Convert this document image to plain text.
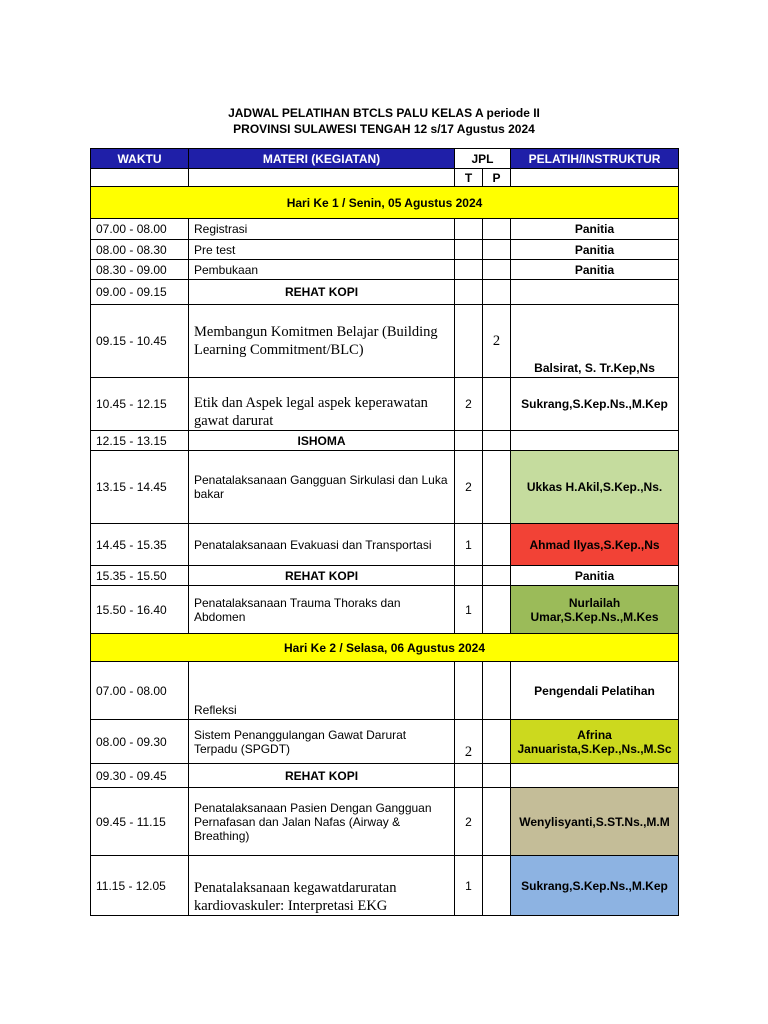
JADWAL PELATIHAN BTCLS PALU KELAS A periode II
PROVINSI SULAWESI TENGAH 12 s/17 Agustus 2024
WAKTU	MATERI (KEGIATAN)	JPL		PELATIH/INSTRUKTUR
		T	P	
Hari Ke 1 / Senin, 05 Agustus 2024				
07.00 - 08.00	Registrasi			Panitia
08.00 - 08.30	Pre test			Panitia
08.30 - 09.00	Pembukaan			Panitia
09.00 - 09.15	REHAT KOPI			
09.15 - 10.45	Membangun Komitmen Belajar (Building Learning Commitment/BLC)		2	Balsirat, S. Tr.Kep,Ns
10.45 - 12.15	Etik dan Aspek legal aspek keperawatan gawat darurat	2		Sukrang,S.Kep.Ns.,M.Kep
12.15 - 13.15	ISHOMA			
13.15 - 14.45	Penatalaksanaan Gangguan Sirkulasi dan Luka bakar	2		Ukkas H.Akil,S.Kep.,Ns.
14.45 - 15.35	Penatalaksanaan Evakuasi dan Transportasi	1		Ahmad Ilyas,S.Kep.,Ns
15.35 - 15.50	REHAT KOPI			Panitia
15.50 - 16.40	Penatalaksanaan Trauma Thoraks dan Abdomen	1		Nurlailah Umar,S.Kep.Ns.,M.Kes
Hari Ke 2 / Selasa, 06 Agustus 2024				
07.00 - 08.00	Refleksi			Pengendali Pelatihan
08.00 - 09.30	Sistem Penanggulangan Gawat Darurat Terpadu (SPGDT)	2		Afrina Januarista,S.Kep.,Ns.,M.Sc
09.30 - 09.45	REHAT KOPI			
09.45 - 11.15	Penatalaksanaan Pasien Dengan Gangguan Pernafasan dan Jalan Nafas (Airway & Breathing)	2		Wenylisyanti,S.ST.Ns.,M.M
11.15 - 12.05	Penatalaksanaan kegawatdaruratan kardiovaskuler: Interpretasi EKG	1		Sukrang,S.Kep.Ns.,M.Kep
